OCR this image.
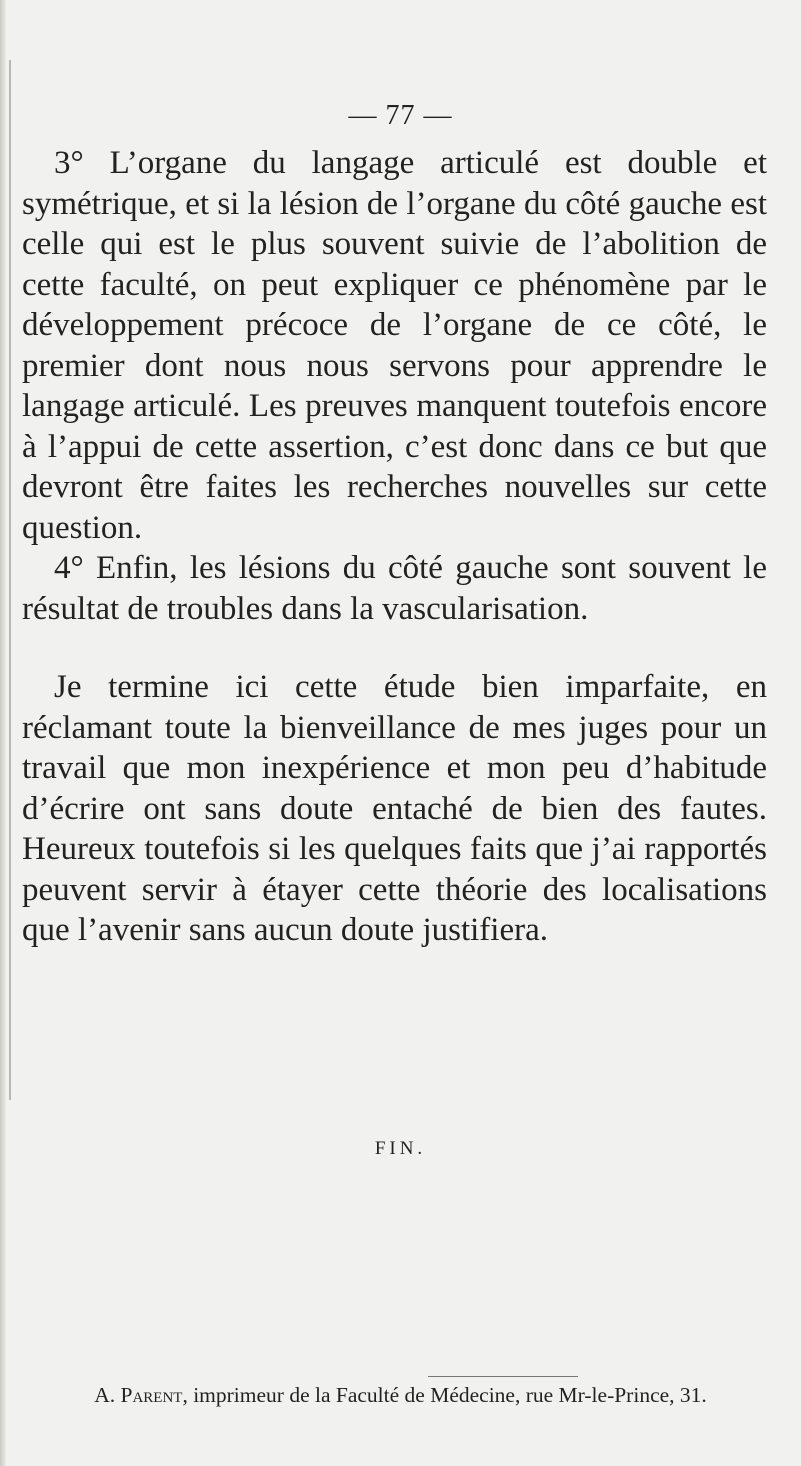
— 77 —

3° L’organe du langage articulé est double et symétrique, et si la lésion de l’organe du côté gauche est celle qui est le plus souvent suivie de l’abolition de cette faculté, on peut expliquer ce phénomène par le développement précoce de l’organe de ce côté, le premier dont nous nous servons pour apprendre le langage articulé. Les preuves manquent toutefois encore à l’appui de cette assertion, c’est donc dans ce but que devront être faites les recherches nouvelles sur cette question.

4° Enfin, les lésions du côté gauche sont souvent le résultat de troubles dans la vascularisation.

Je termine ici cette étude bien imparfaite, en réclamant toute la bienveillance de mes juges pour un travail que mon inexpérience et mon peu d’habitude d’écrire ont sans doute entaché de bien des fautes. Heureux toutefois si les quelques faits que j’ai rapportés peuvent servir à étayer cette théorie des localisations que l’avenir sans aucun doute justifiera.

FIN.
A. Parent, imprimeur de la Faculté de Médecine, rue Mr-le-Prince, 31.
